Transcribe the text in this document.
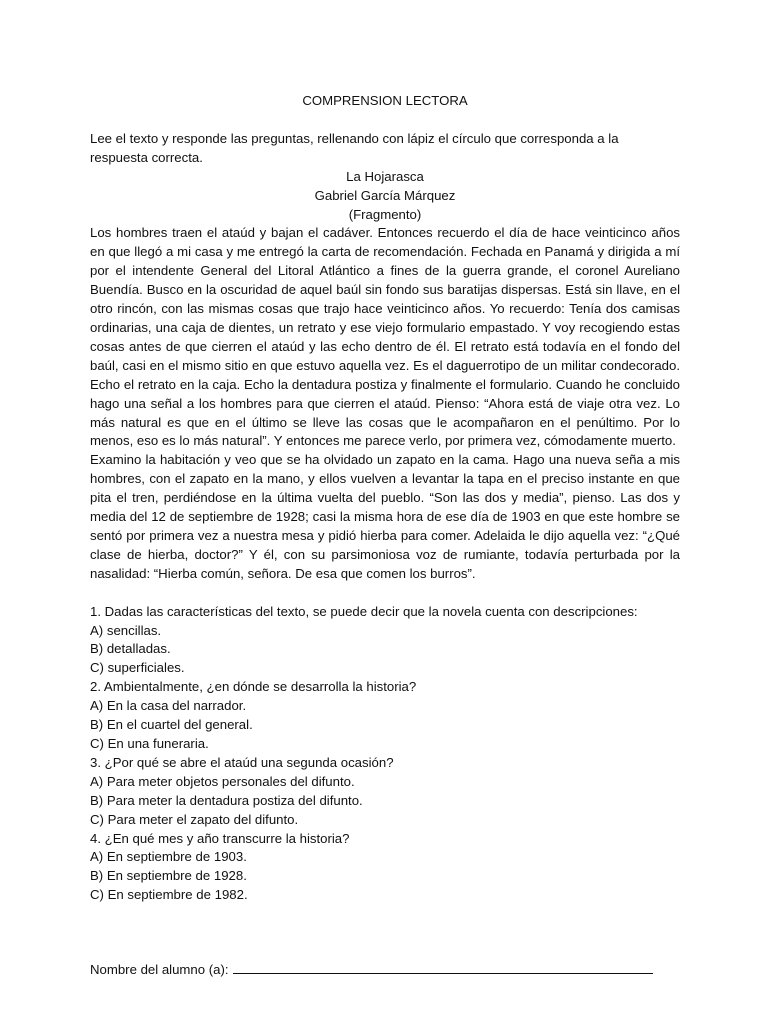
COMPRENSION LECTORA

Lee el texto y responde las preguntas, rellenando con lápiz el círculo que corresponda a la respuesta correcta.

La Hojarasca
Gabriel García Márquez
(Fragmento)

Los hombres traen el ataúd y bajan el cadáver. Entonces recuerdo el día de hace veinticinco años en que llegó a mi casa y me entregó la carta de recomendación. Fechada en Panamá y dirigida a mí por el intendente General del Litoral Atlántico a fines de la guerra grande, el coronel Aureliano Buendía. Busco en la oscuridad de aquel baúl sin fondo sus baratijas dispersas. Está sin llave, en el otro rincón, con las mismas cosas que trajo hace veinticinco años. Yo recuerdo: Tenía dos camisas ordinarias, una caja de dientes, un retrato y ese viejo formulario empastado. Y voy recogiendo estas cosas antes de que cierren el ataúd y las echo dentro de él. El retrato está todavía en el fondo del baúl, casi en el mismo sitio en que estuvo aquella vez. Es el daguerrotipo de un militar condecorado. Echo el retrato en la caja. Echo la dentadura postiza y finalmente el formulario. Cuando he concluido hago una señal a los hombres para que cierren el ataúd. Pienso: “Ahora está de viaje otra vez. Lo más natural es que en el último se lleve las cosas que le acompañaron en el penúltimo. Por lo menos, eso es lo más natural”. Y entonces me parece verlo, por primera vez, cómodamente muerto.

Examino la habitación y veo que se ha olvidado un zapato en la cama. Hago una nueva seña a mis hombres, con el zapato en la mano, y ellos vuelven a levantar la tapa en el preciso instante en que pita el tren, perdiéndose en la última vuelta del pueblo. “Son las dos y media”, pienso. Las dos y media del 12 de septiembre de 1928; casi la misma hora de ese día de 1903 en que este hombre se sentó por primera vez a nuestra mesa y pidió hierba para comer. Adelaida le dijo aquella vez: “¿Qué clase de hierba, doctor?” Y él, con su parsimoniosa voz de rumiante, todavía perturbada por la nasalidad: “Hierba común, señora. De esa que comen los burros”.

1. Dadas las características del texto, se puede decir que la novela cuenta con descripciones:

A) sencillas.

B) detalladas.

C) superficiales.

2. Ambientalmente, ¿en dónde se desarrolla la historia?

A) En la casa del narrador.

B) En el cuartel del general.

C) En una funeraria.

3. ¿Por qué se abre el ataúd una segunda ocasión?

A) Para meter objetos personales del difunto.

B) Para meter la dentadura postiza del difunto.

C) Para meter el zapato del difunto.

4. ¿En qué mes y año transcurre la historia?

A) En septiembre de 1903.

B) En septiembre de 1928.

C) En septiembre de 1982.

Nombre del alumno (a):
